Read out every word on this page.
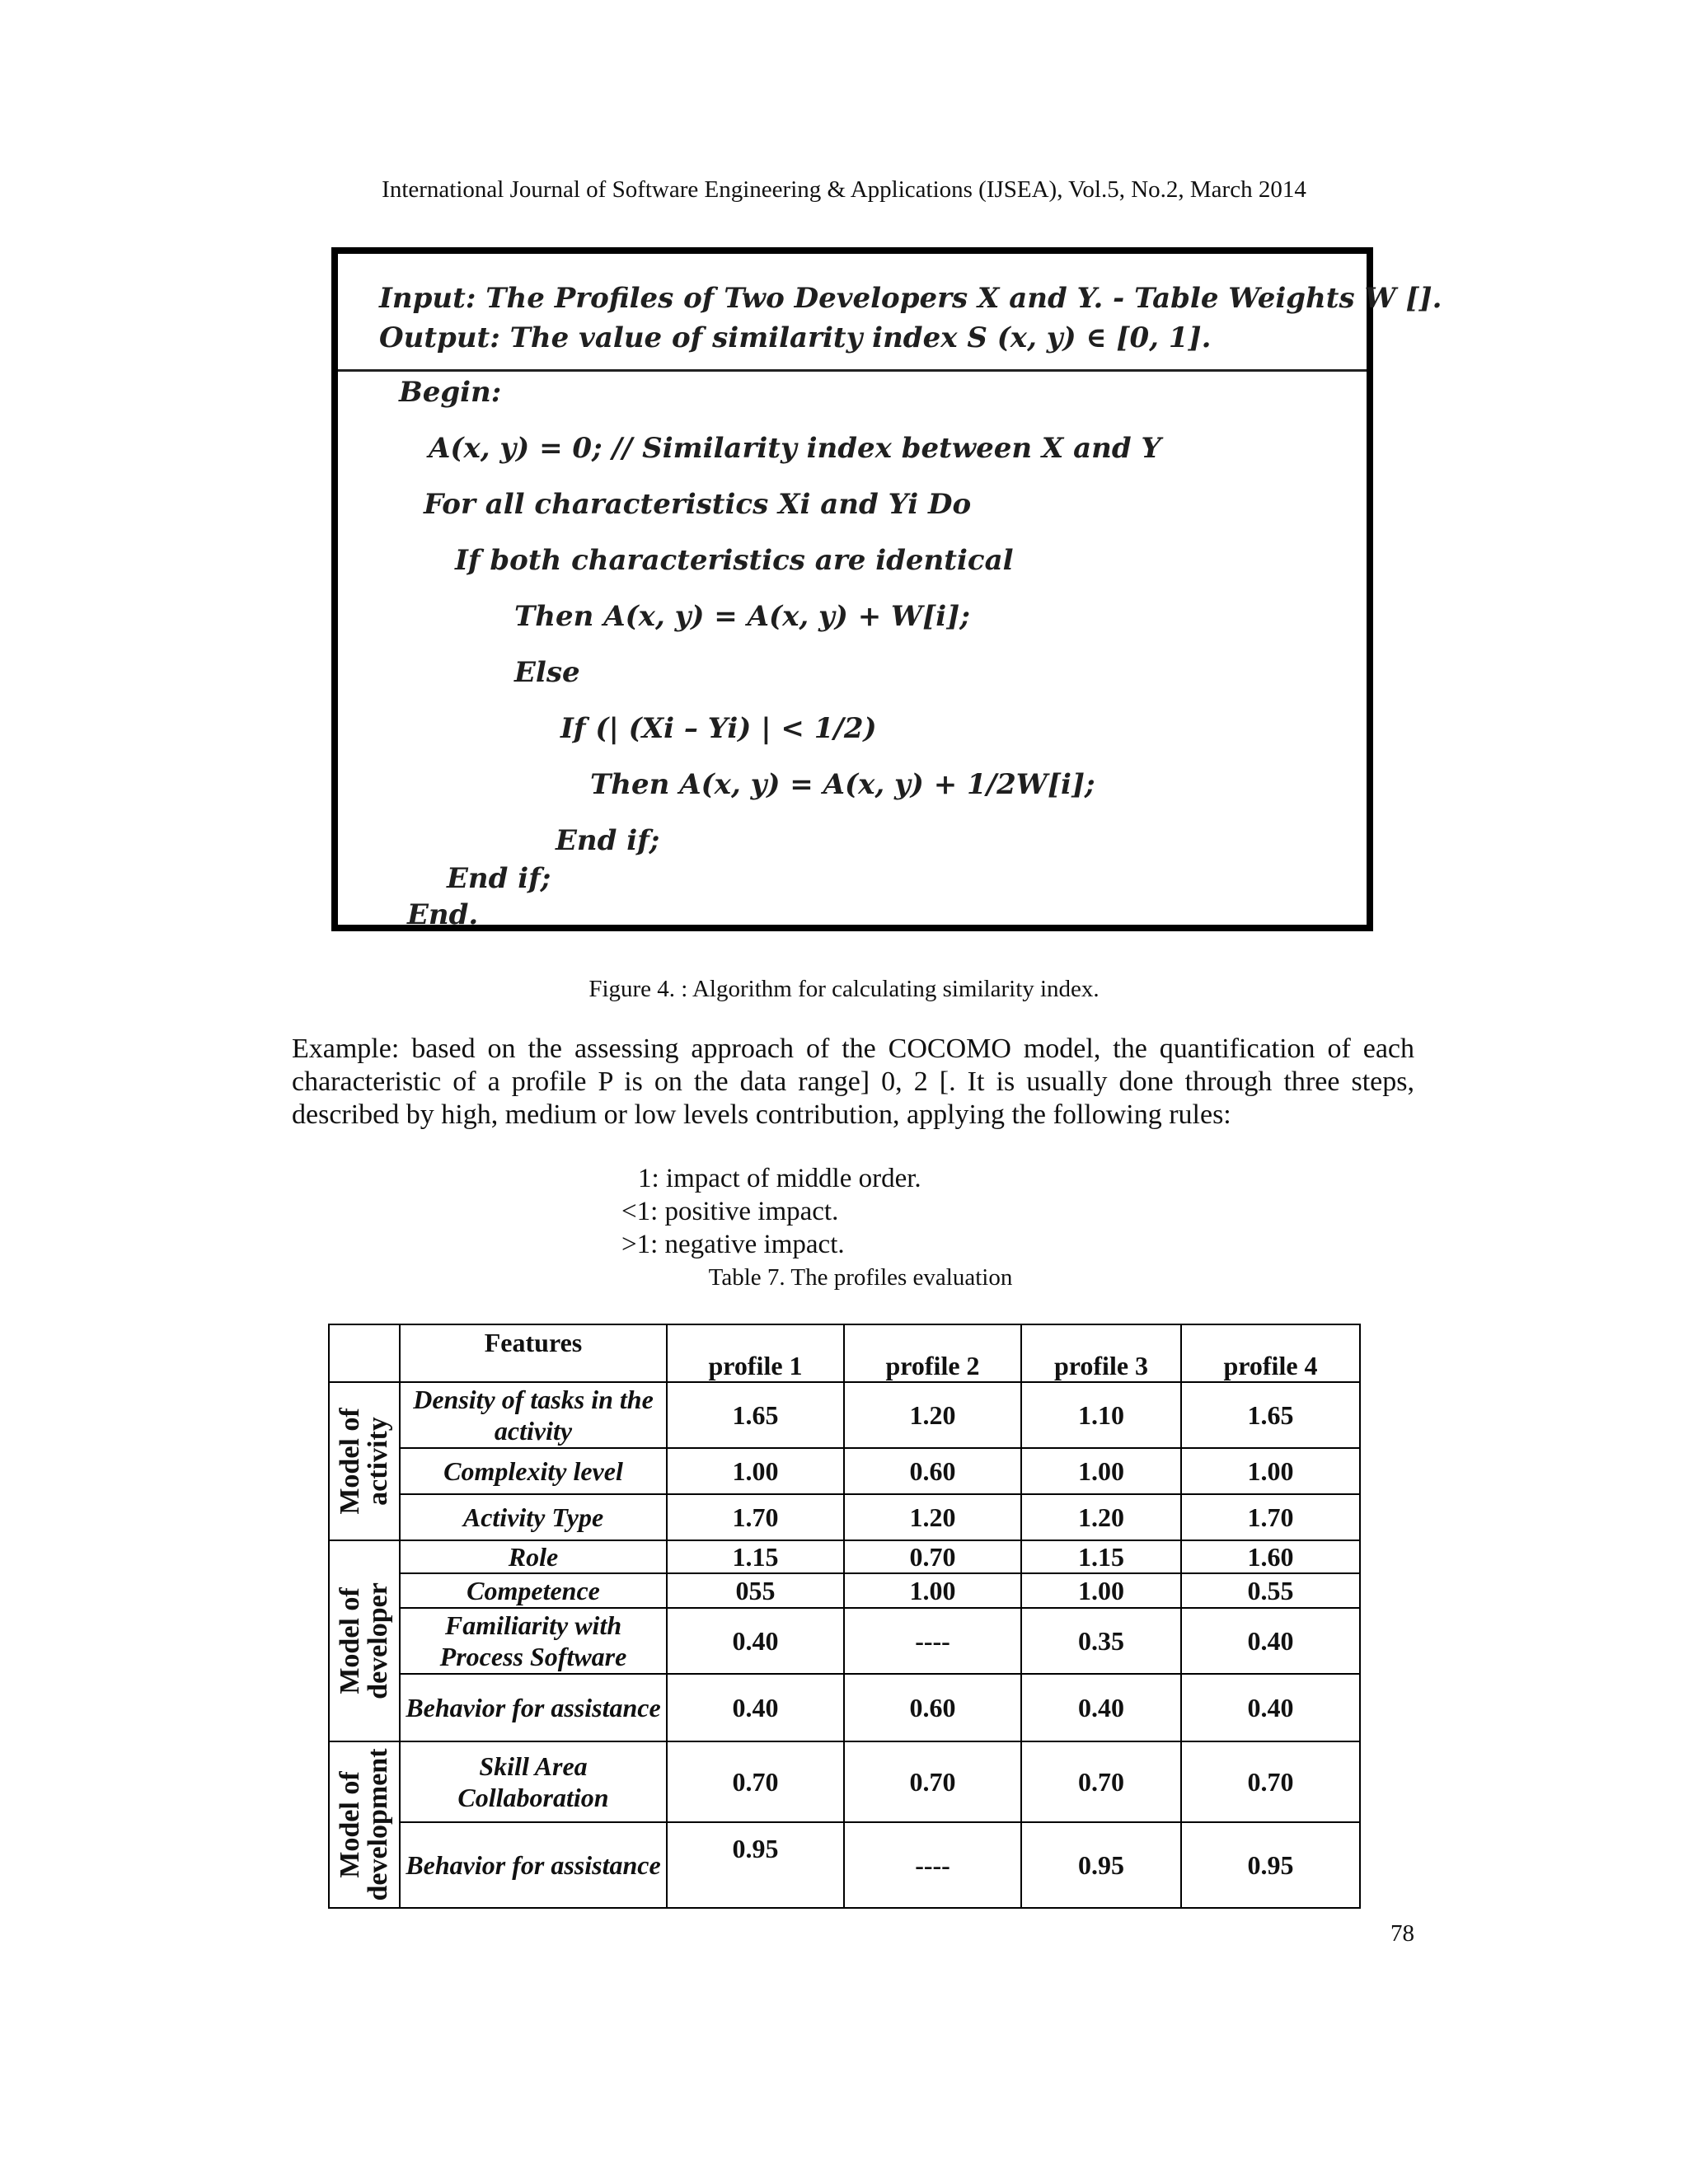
International Journal of Software Engineering & Applications (IJSEA), Vol.5, No.2, March 2014
Input: The Profiles of Two Developers X and Y. - Table Weights W [].
Output: The value of similarity index S (x, y) ∈ [0, 1].
Begin:
A(x, y) = 0; // Similarity index between X and Y
For all characteristics Xi and Yi Do
If both characteristics are identical
Then A(x, y) = A(x, y) + W[i];
Else
If (| (Xi – Yi) | < 1/2)
Then A(x, y) = A(x, y) + 1/2W[i];
End if;
End if;
End.
Figure 4. : Algorithm for calculating similarity index.
Example: based on the assessing approach of the COCOMO model, the quantification of each characteristic of a profile P is on the data range] 0, 2 [. It is usually done through three steps, described by high, medium or low levels contribution, applying the following rules:
1: impact of middle order.
<1: positive impact.
>1: negative impact.
Table 7. The profiles evaluation
	Features	profile 1	profile 2	profile 3	profile 4

Model of
activity	Density of tasks in the activity	1.65	1.20	1.10	1.65
	Complexity level	1.00	0.60	1.00	1.00
	Activity Type	1.70	1.20	1.20	1.70

Model of
developer	Role	1.15	0.70	1.15	1.60
	Competence	055	1.00	1.00	0.55
	Familiarity with Process Software	0.40	----	0.35	0.40
	Behavior for assistance	0.40	0.60	0.40	0.40

Model of
development	Skill Area Collaboration	0.70	0.70	0.70	0.70
	Behavior for assistance	0.95	----	0.95	0.95
78
